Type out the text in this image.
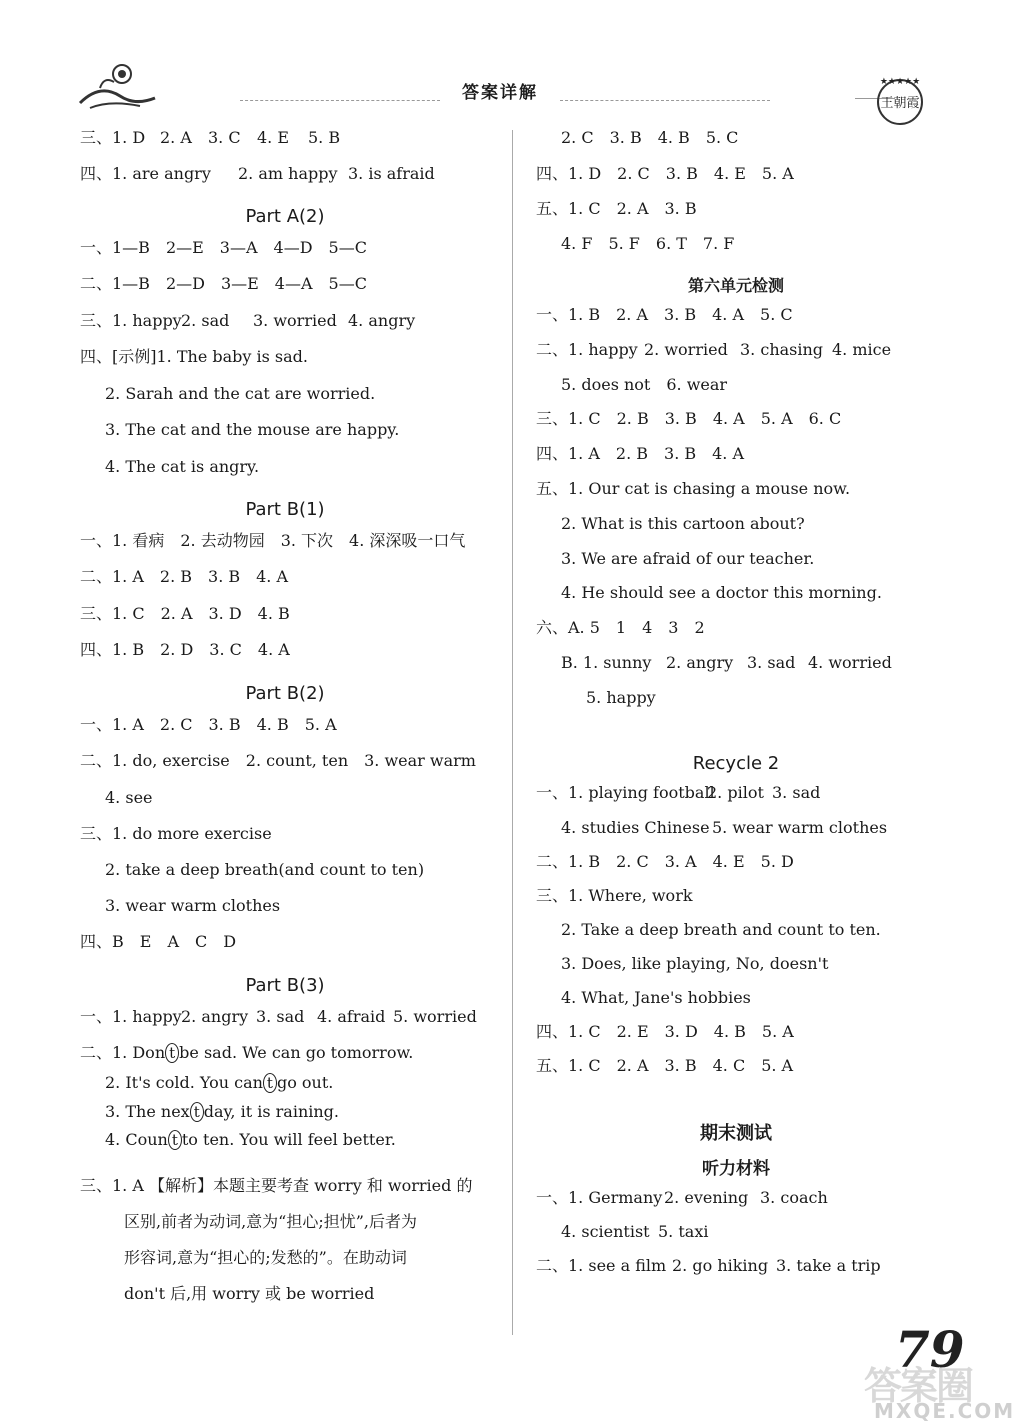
答案详解
王朝霞
★★★★★
三、1. D 2. A 3. C 4. E 5. B
四、1. are angry 2. am happy 3. is afraid
Part A(2)
一、1—B　2—E　3—A　4—D　5—C
二、1—B　2—D　3—E　4—A　5—C
三、1. happy 2. sad 3. worried 4. angry
四、[示例]1. The baby is sad.
2. Sarah and the cat are worried.
3. The cat and the mouse are happy.
4. The cat is angry.
Part B(1)
一、1. 看病　2. 去动物园　3. 下次　4. 深深吸一口气
二、1. A　2. B　3. B　4. A
三、1. C　2. A　3. D　4. B
四、1. B　2. D　3. C　4. A
Part B(2)
一、1. A　2. C　3. B　4. B　5. A
二、1. do, exercise　2. count, ten　3. wear warm
4. see
三、1. do more exercise
2. take a deep breath(and count to ten)
3. wear warm clothes
四、B　E　A　C　D
Part B(3)
一、1. happy 2. angry 3. sad 4. afraid 5. worried
二、1. Don t be sad. We can go tomorrow.
2. It's cold. You can t go out.
3. The nex t day, it is raining.
4. Coun t to ten. You will feel better.

三、1. A 【解析】本题主要考查 worry 和 worried 的

区别,前者为动词,意为“担心;担忧”,后者为

形容词,意为“担心的;发愁的”。在助动词

don't 后,用 worry 或 be worried

2. C　3. B　4. B　5. C
四、1. D　2. C　3. B　4. E　5. A
五、1. C　2. A　3. B
4. F　5. F　6. T　7. F
第六单元检测
一、1. B　2. A　3. B　4. A　5. C
二、1. happy 2. worried 3. chasing 4. mice
5. does not　6. wear
三、1. C　2. B　3. B　4. A　5. A　6. C
四、1. A　2. B　3. B　4. A
五、1. Our cat is chasing a mouse now.
2. What is this cartoon about?
3. We are afraid of our teacher.
4. He should see a doctor this morning.
六、A. 5　1　4　3　2
B. 1. sunny 2. angry 3. sad 4. worried
5. happy
Recycle 2
一、1. playing football
2. pilot 3. sad
4. studies Chinese 5. wear warm clothes
二、1. B　2. C　3. A　4. E　5. D
三、1. Where, work
2. Take a deep breath and count to ten.
3. Does, like playing, No, doesn't
4. What, Jane's hobbies
四、1. C　2. E　3. D　4. B　5. A
五、1. C　2. A　3. B　4. C　5. A
期末测试
听力材料
一、1. Germany 2. evening 3. coach
4. scientist 5. taxi
二、1. see a film 2. go hiking 3. take a trip
79
答案圈
MXQE.COM
